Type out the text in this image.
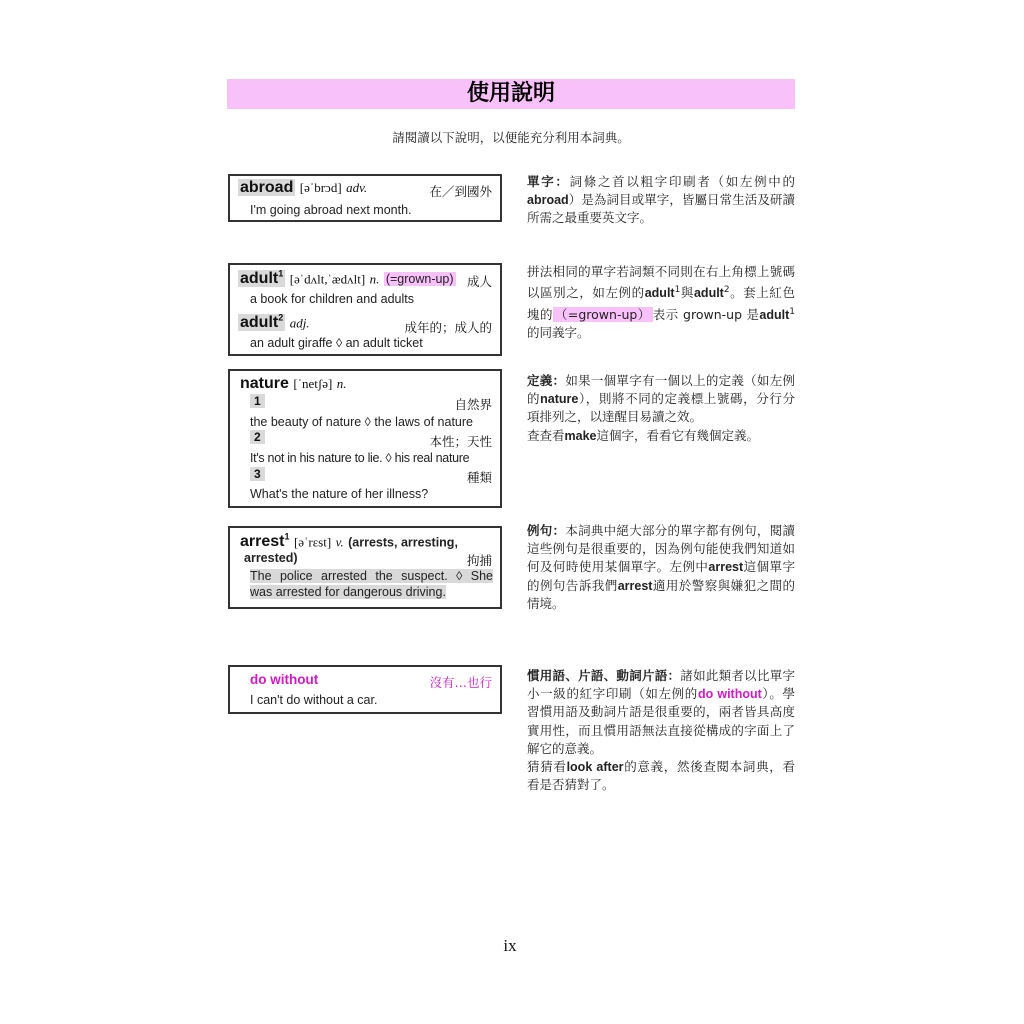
使用說明
請閱讀以下說明，以便能充分利用本詞典。
abroad [əˈbrɔd] adv.	在／到國外
I'm going abroad next month.
adult$^1$ [əˈdʌlt,ˈædʌlt] n. (=grown-up) 成人
a book for children and adults
adult$^2$ adj.	成年的；成人的
an adult giraffe ◊ an adult ticket
nature [ˈnetʃə] n.
1	自然界
the beauty of nature ◊ the laws of nature
2	本性；天性
It's not in his nature to lie. ◊ his real nature
3	種類
What's the nature of her illness?
arrest$^1$ [əˈrɛst] v. (arrests, arresting,
arrested)	拘捕
The police arrested the suspect. ◊ She
was arrested for dangerous driving.
do without	沒有…也行
I can't do without a car.
單字：詞條之首以粗字印刷者（如左例中的abroad）是為詞目或單字，皆屬日常生活及研讀所需之最重要英文字。
拼法相同的單字若詞類不同則在右上角標上號碼以區別之，如左例的adult$^1$與adult$^2$。套上紅色塊的 （=grown-up） 表示 grown-up 是adult$^1$的同義字。
定義：如果一個單字有一個以上的定義（如左例的nature），則將不同的定義標上號碼，分行分項排列之，以達醒目易讀之效。
查查看make這個字，看看它有幾個定義。
例句：本詞典中絕大部分的單字都有例句，閱讀這些例句是很重要的，因為例句能使我們知道如何及何時使用某個單字。左例中arrest這個單字的例句告訴我們arrest適用於警察與嫌犯之間的情境。
慣用語、片語、動詞片語：諸如此類者以比單字小一級的紅字印刷（如左例的do without）。學習慣用語及動詞片語是很重要的，兩者皆具高度實用性，而且慣用語無法直接從構成的字面上了解它的意義。
猜猜看look after的意義，然後查閱本詞典，看看是否猜對了。
ix
